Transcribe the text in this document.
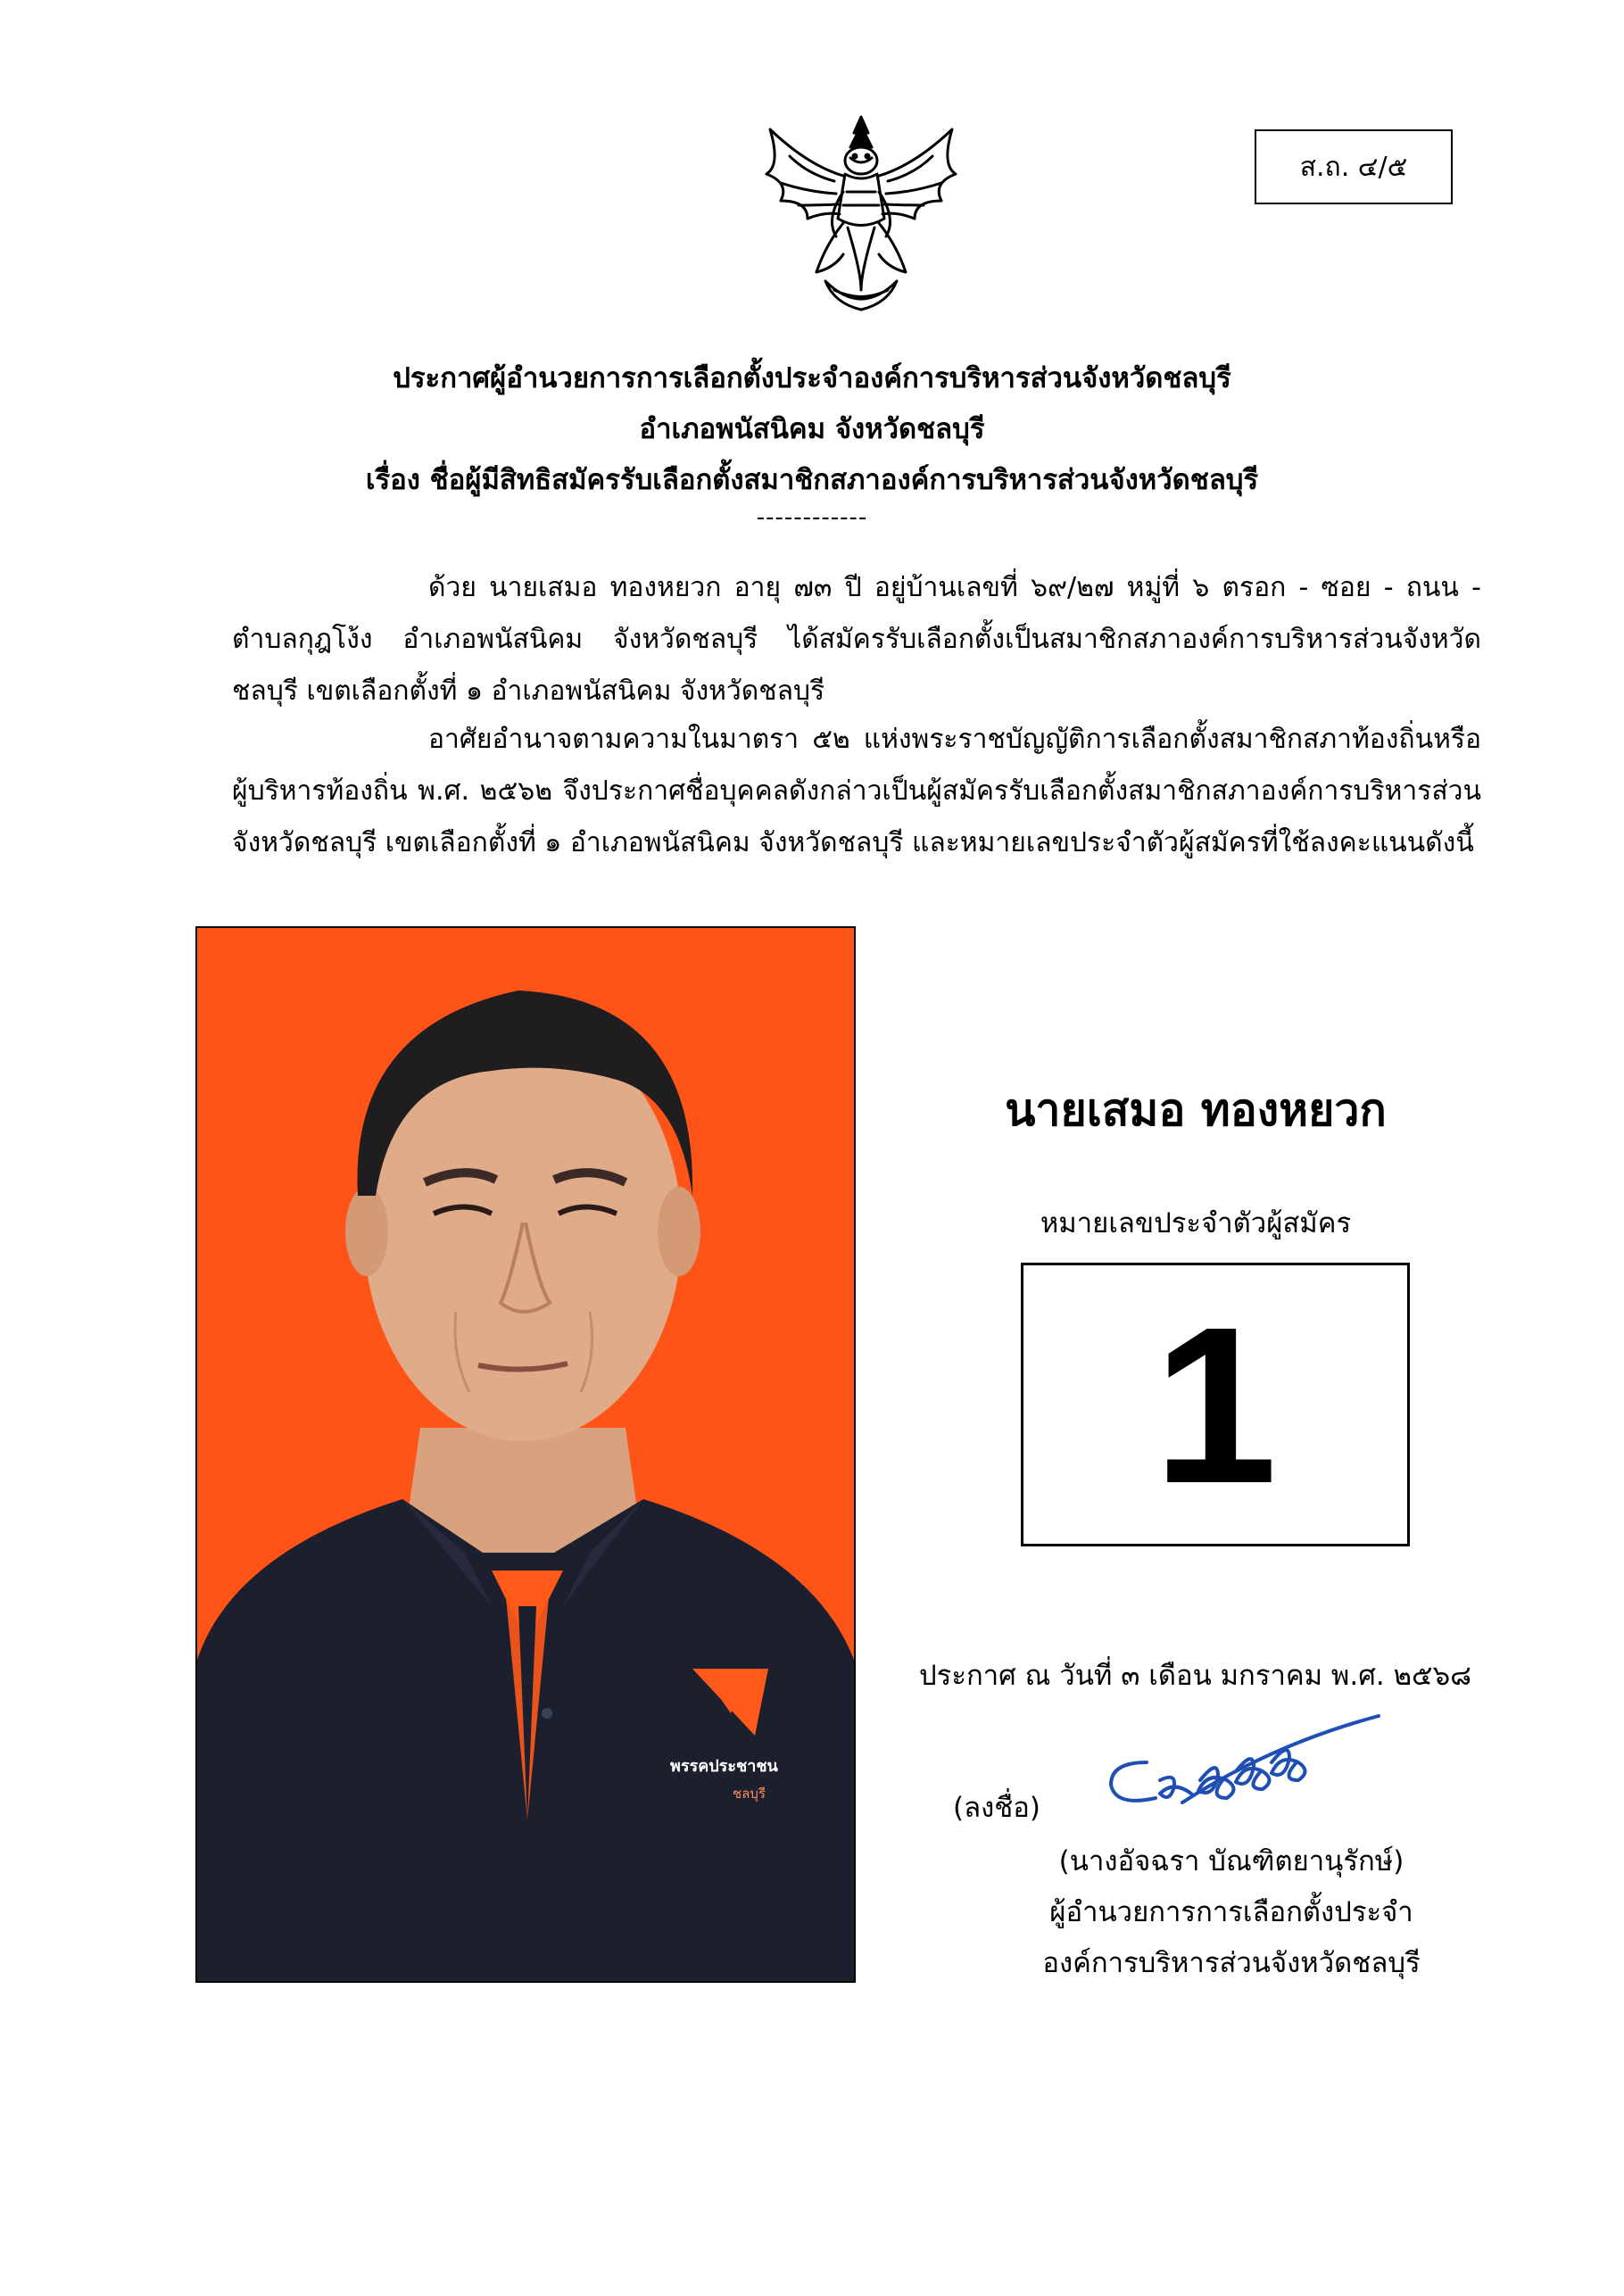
ส.ถ. ๔/๕
ประกาศผู้อำนวยการการเลือกตั้งประจำองค์การบริหารส่วนจังหวัดชลบุรี
อำเภอพนัสนิคม จังหวัดชลบุรี
เรื่อง ชื่อผู้มีสิทธิสมัครรับเลือกตั้งสมาชิกสภาองค์การบริหารส่วนจังหวัดชลบุรี
------------
ด้วย นายเสมอ ทองหยวก อายุ ๗๓ ปี อยู่บ้านเลขที่ ๖๙/๒๗ หมู่ที่ ๖ ตรอก - ซอย - ถนน - ตำบลกุฎโง้ง อำเภอพนัสนิคม จังหวัดชลบุรี ได้สมัครรับเลือกตั้งเป็นสมาชิกสภาองค์การบริหารส่วนจังหวัดชลบุรี เขตเลือกตั้งที่ ๑ อำเภอพนัสนิคม จังหวัดชลบุรี
อาศัยอำนาจตามความในมาตรา ๕๒ แห่งพระราชบัญญัติการเลือกตั้งสมาชิกสภาท้องถิ่นหรือผู้บริหารท้องถิ่น พ.ศ. ๒๕๖๒ จึงประกาศชื่อบุคคลดังกล่าวเป็นผู้สมัครรับเลือกตั้งสมาชิกสภาองค์การบริหารส่วนจังหวัดชลบุรี เขตเลือกตั้งที่ ๑ อำเภอพนัสนิคม จังหวัดชลบุรี และหมายเลขประจำตัวผู้สมัครที่ใช้ลงคะแนนดังนี้
พรรคประชาชน
ชลบุรี
นายเสมอ ทองหยวก
หมายเลขประจำตัวผู้สมัคร
1
ประกาศ ณ วันที่ ๓ เดือน มกราคม พ.ศ. ๒๕๖๘
(ลงชื่อ)
(นางอัจฉรา บัณฑิตยานุรักษ์)
ผู้อำนวยการการเลือกตั้งประจำ
องค์การบริหารส่วนจังหวัดชลบุรี
